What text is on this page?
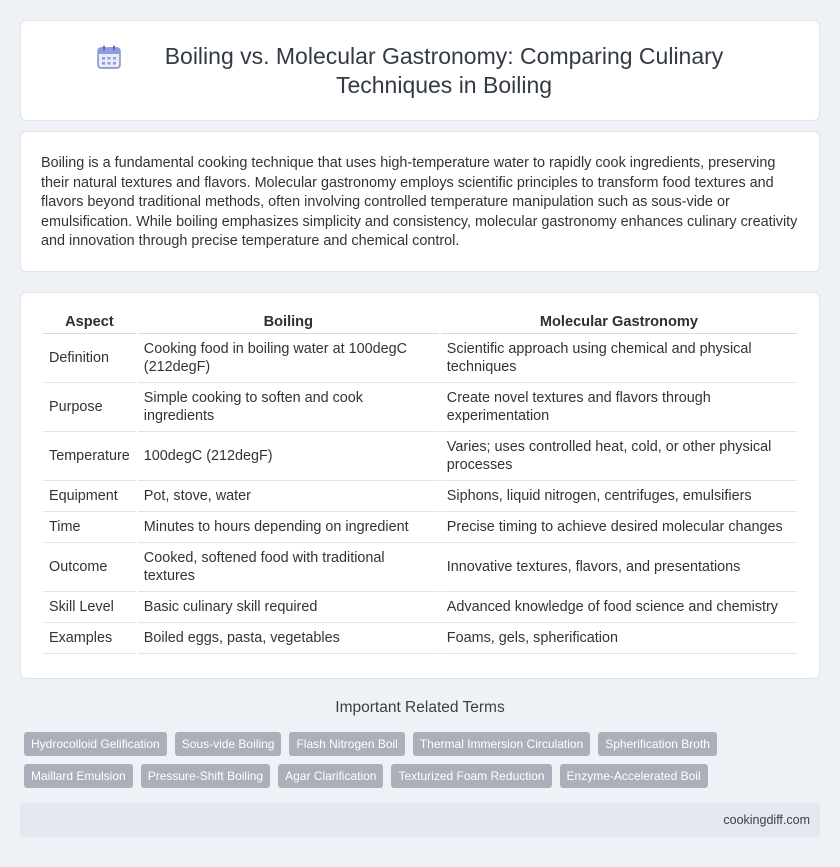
Boiling vs. Molecular Gastronomy: Comparing Culinary Techniques in Boiling

Boiling is a fundamental cooking technique that uses high-temperature water to rapidly cook ingredients, preserving their natural textures and flavors. Molecular gastronomy employs scientific principles to transform food textures and flavors beyond traditional methods, often involving controlled temperature manipulation such as sous-vide or emulsification. While boiling emphasizes simplicity and consistency, molecular gastronomy enhances culinary creativity and innovation through precise temperature and chemical control.

Aspect	Boiling	Molecular Gastronomy
Definition	Cooking food in boiling water at 100degC (212degF)	Scientific approach using chemical and physical techniques
Purpose	Simple cooking to soften and cook ingredients	Create novel textures and flavors through experimentation
Temperature	100degC (212degF)	Varies; uses controlled heat, cold, or other physical processes
Equipment	Pot, stove, water	Siphons, liquid nitrogen, centrifuges, emulsifiers
Time	Minutes to hours depending on ingredient	Precise timing to achieve desired molecular changes
Outcome	Cooked, softened food with traditional textures	Innovative textures, flavors, and presentations
Skill Level	Basic culinary skill required	Advanced knowledge of food science and chemistry
Examples	Boiled eggs, pasta, vegetables	Foams, gels, spherification
Important Related Terms
Hydrocolloid Gelification	Sous-vide Boiling	Flash Nitrogen Boil	Thermal Immersion Circulation	Spherification Broth
Maillard Emulsion	Pressure-Shift Boiling	Agar Clarification	Texturized Foam Reduction	Enzyme-Accelerated Boil
cookingdiff.com
